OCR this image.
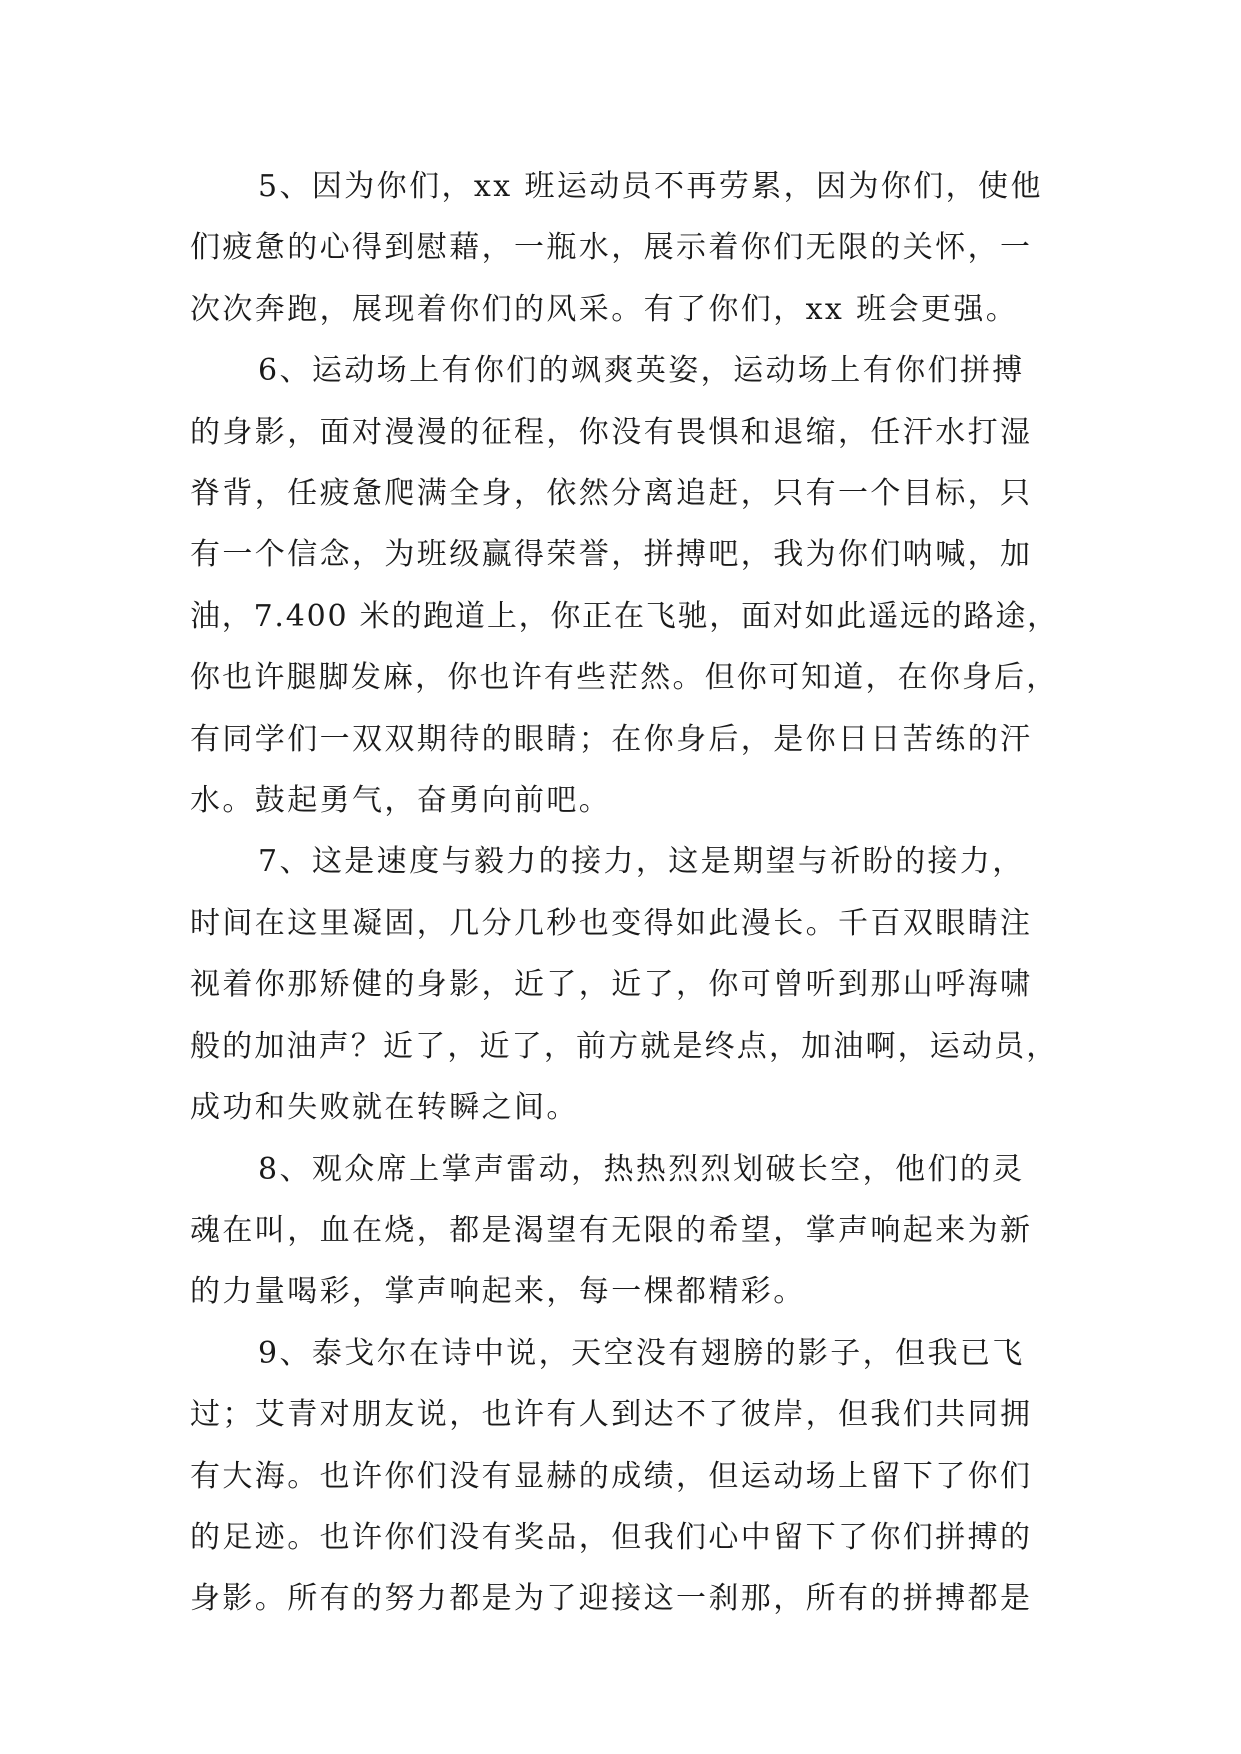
5、因为你们，xx 班运动员不再劳累，因为你们，使他
们疲惫的心得到慰藉，一瓶水，展示着你们无限的关怀，一
次次奔跑，展现着你们的风采。有了你们，xx 班会更强。
6、运动场上有你们的飒爽英姿，运动场上有你们拼搏
的身影，面对漫漫的征程，你没有畏惧和退缩，任汗水打湿
脊背，任疲惫爬满全身，依然分离追赶，只有一个目标，只
有一个信念，为班级赢得荣誉，拼搏吧，我为你们呐喊，加
油，7.400 米的跑道上，你正在飞驰，面对如此遥远的路途，
你也许腿脚发麻，你也许有些茫然。但你可知道，在你身后，
有同学们一双双期待的眼睛；在你身后，是你日日苦练的汗
水。鼓起勇气，奋勇向前吧。
7、这是速度与毅力的接力，这是期望与祈盼的接力，
时间在这里凝固，几分几秒也变得如此漫长。千百双眼睛注
视着你那矫健的身影，近了，近了，你可曾听到那山呼海啸
般的加油声？近了，近了，前方就是终点，加油啊，运动员，
成功和失败就在转瞬之间。
8、观众席上掌声雷动，热热烈烈划破长空，他们的灵
魂在叫，血在烧，都是渴望有无限的希望，掌声响起来为新
的力量喝彩，掌声响起来，每一棵都精彩。
9、泰戈尔在诗中说，天空没有翅膀的影子，但我已飞
过；艾青对朋友说，也许有人到达不了彼岸，但我们共同拥
有大海。也许你们没有显赫的成绩，但运动场上留下了你们
的足迹。也许你们没有奖品，但我们心中留下了你们拼搏的
身影。所有的努力都是为了迎接这一刹那，所有的拼搏都是
